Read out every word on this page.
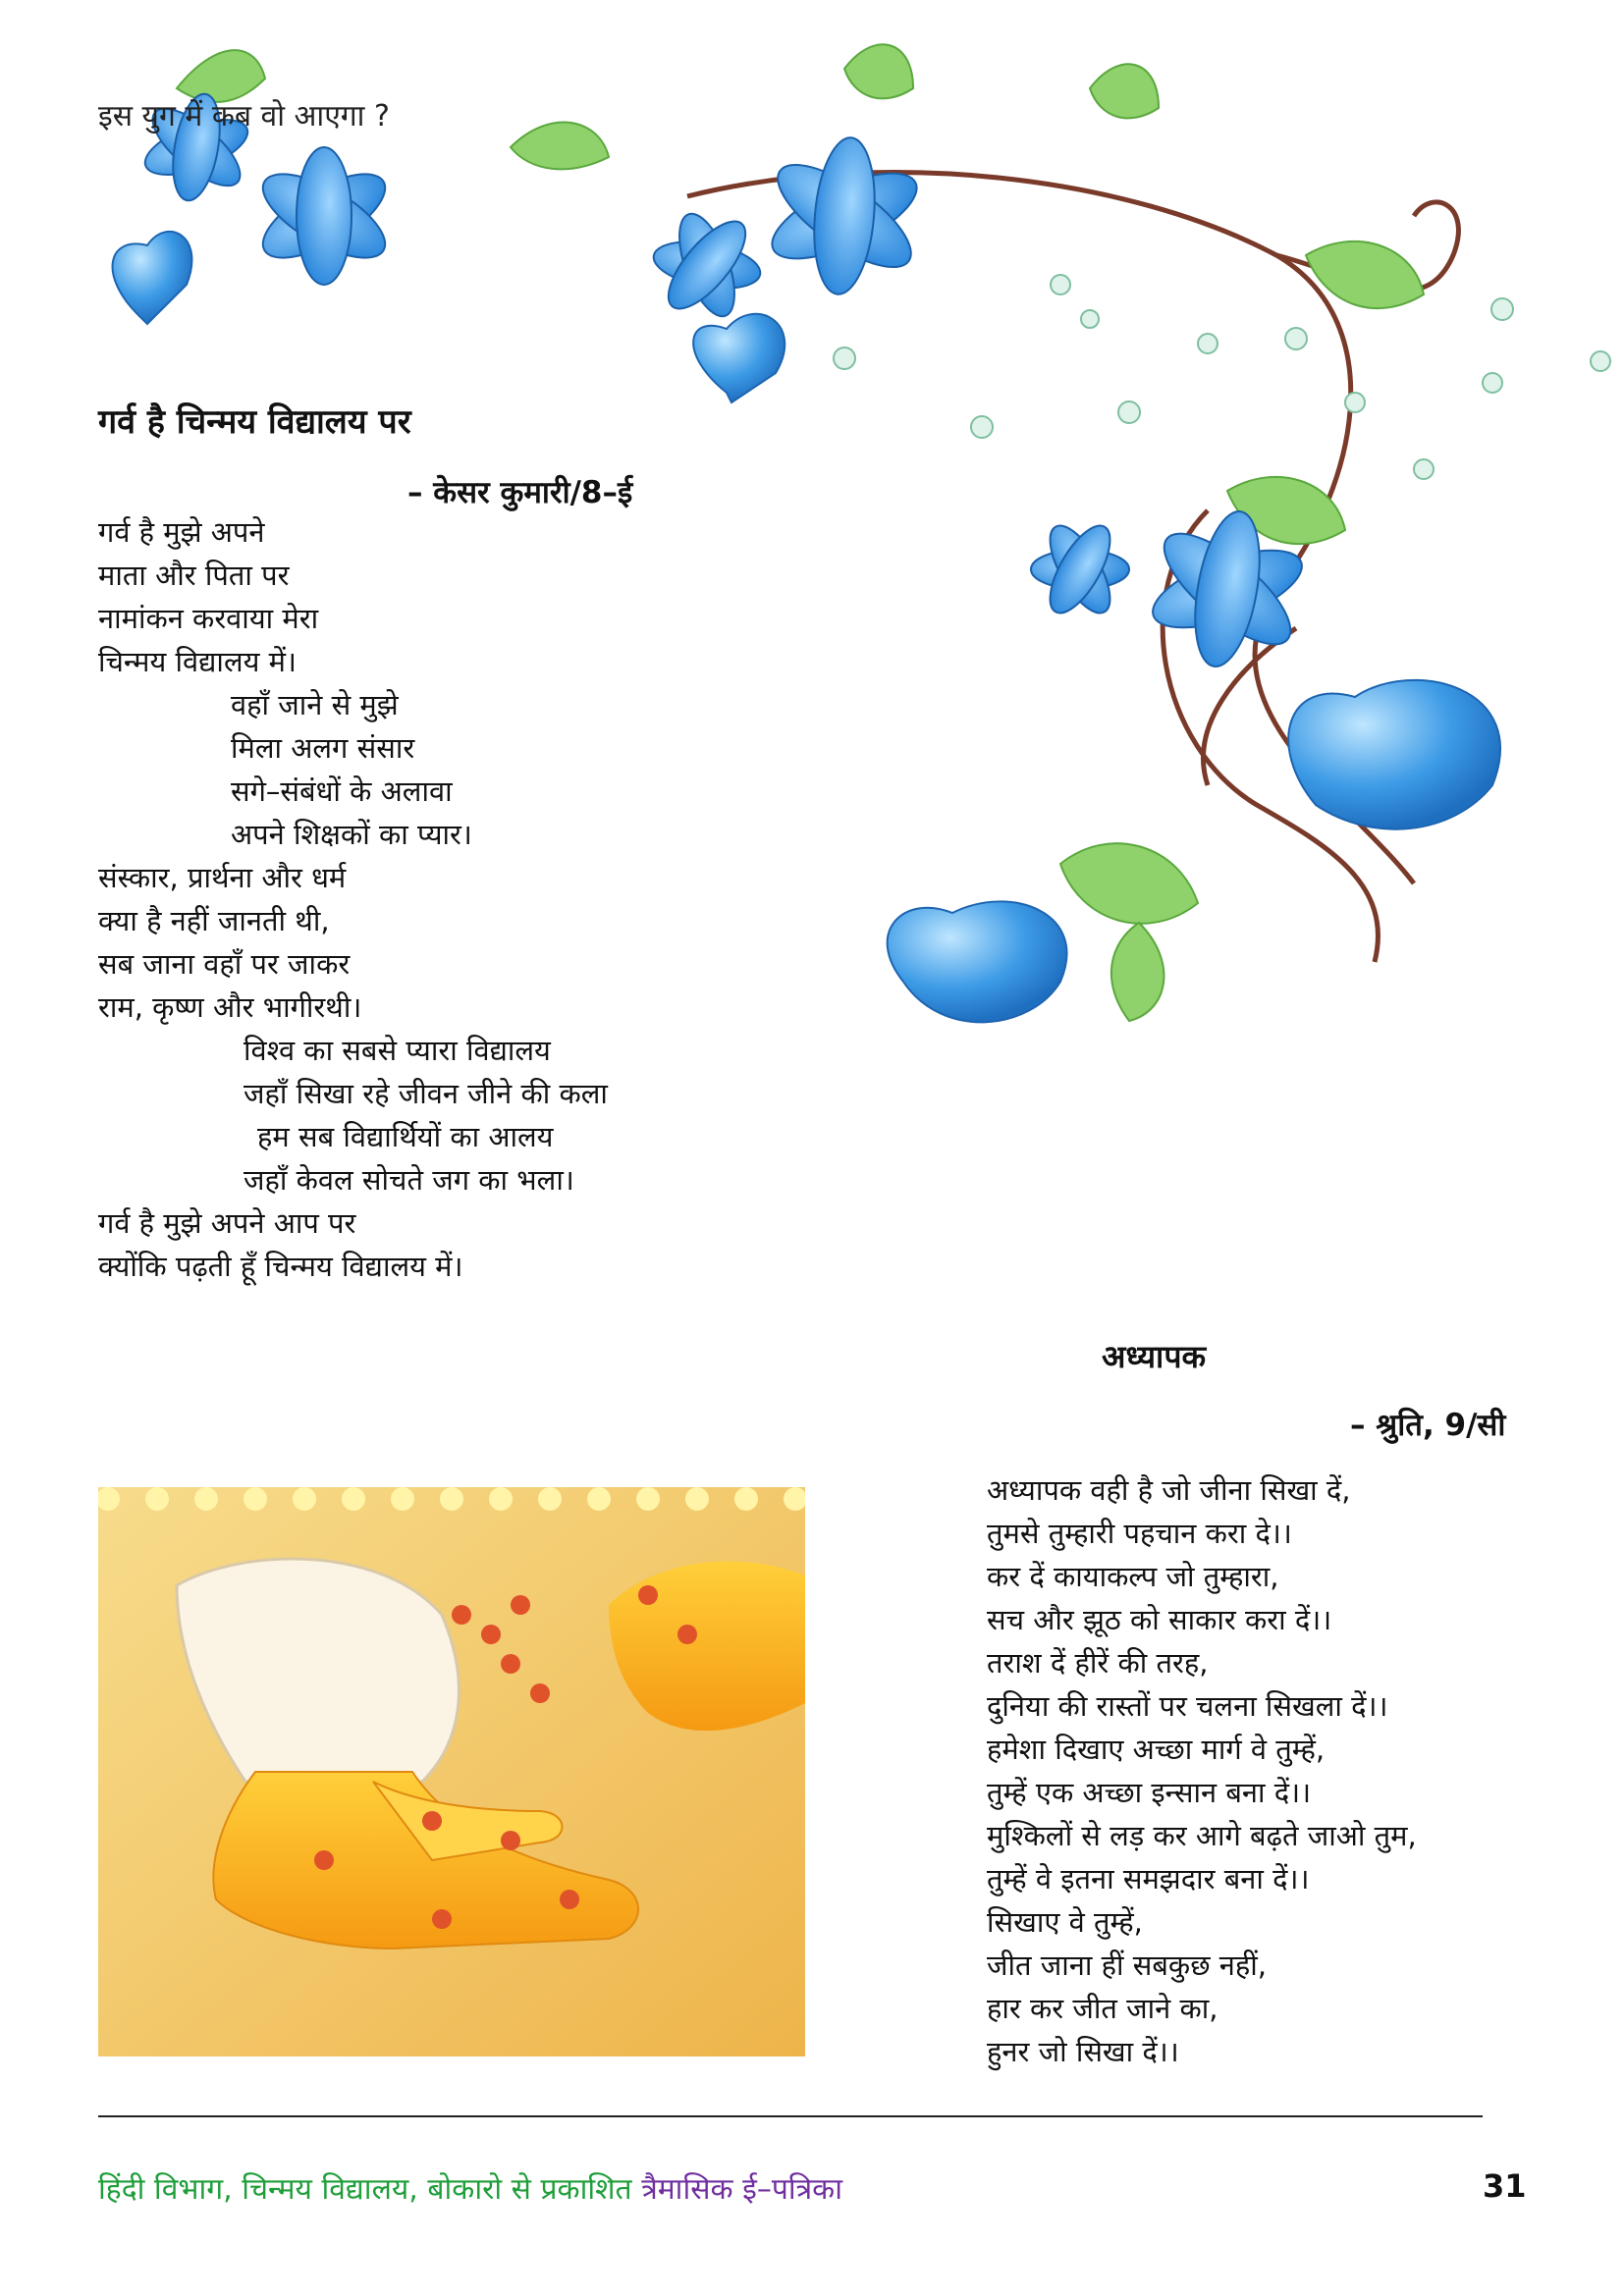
इस युग में कब वो आएगा ?
गर्व है चिन्मय विद्यालय पर
– केसर कुमारी/8–ई
गर्व है मुझे अपने
माता और पिता पर
नामांकन करवाया मेरा
चिन्मय विद्यालय में।
वहाँ जाने से मुझे
मिला अलग संसार
सगे–संबंधों के अलावा
अपने शिक्षकों का प्यार।
संस्कार, प्रार्थना और धर्म
क्या है नहीं जानती थी,
सब जाना वहाँ पर जाकर
राम, कृष्ण और भागीरथी।
विश्व का सबसे प्यारा विद्यालय
जहाँ सिखा रहे जीवन जीने की कला
हम सब विद्यार्थियों का आलय
जहाँ केवल सोचते जग का भला।
गर्व है मुझे अपने आप पर
क्योंकि पढ़ती हूँ चिन्मय विद्यालय में।
अध्यापक
– श्रुति, 9/सी
अध्यापक वही है जो जीना सिखा दें,
तुमसे तुम्हारी पहचान करा दे।।
कर दें कायाकल्प जो तुम्हारा,
सच और झूठ को साकार करा दें।।
तराश दें हीरें की तरह,
दुनिया की रास्तों पर चलना सिखला दें।।
हमेशा दिखाए अच्छा मार्ग वे तुम्हें,
तुम्हें एक अच्छा इन्सान बना दें।।
मुश्किलों से लड़ कर आगे बढ़ते जाओ तुम,
तुम्हें वे इतना समझदार बना दें।।
सिखाए वे तुम्हें,
जीत जाना हीं सबकुछ नहीं,
हार कर जीत जाने का,
हुनर जो सिखा दें।।
हिंदी विभाग, चिन्मय विद्यालय, बोकारो से प्रकाशित त्रैमासिक ई–पत्रिका	31
